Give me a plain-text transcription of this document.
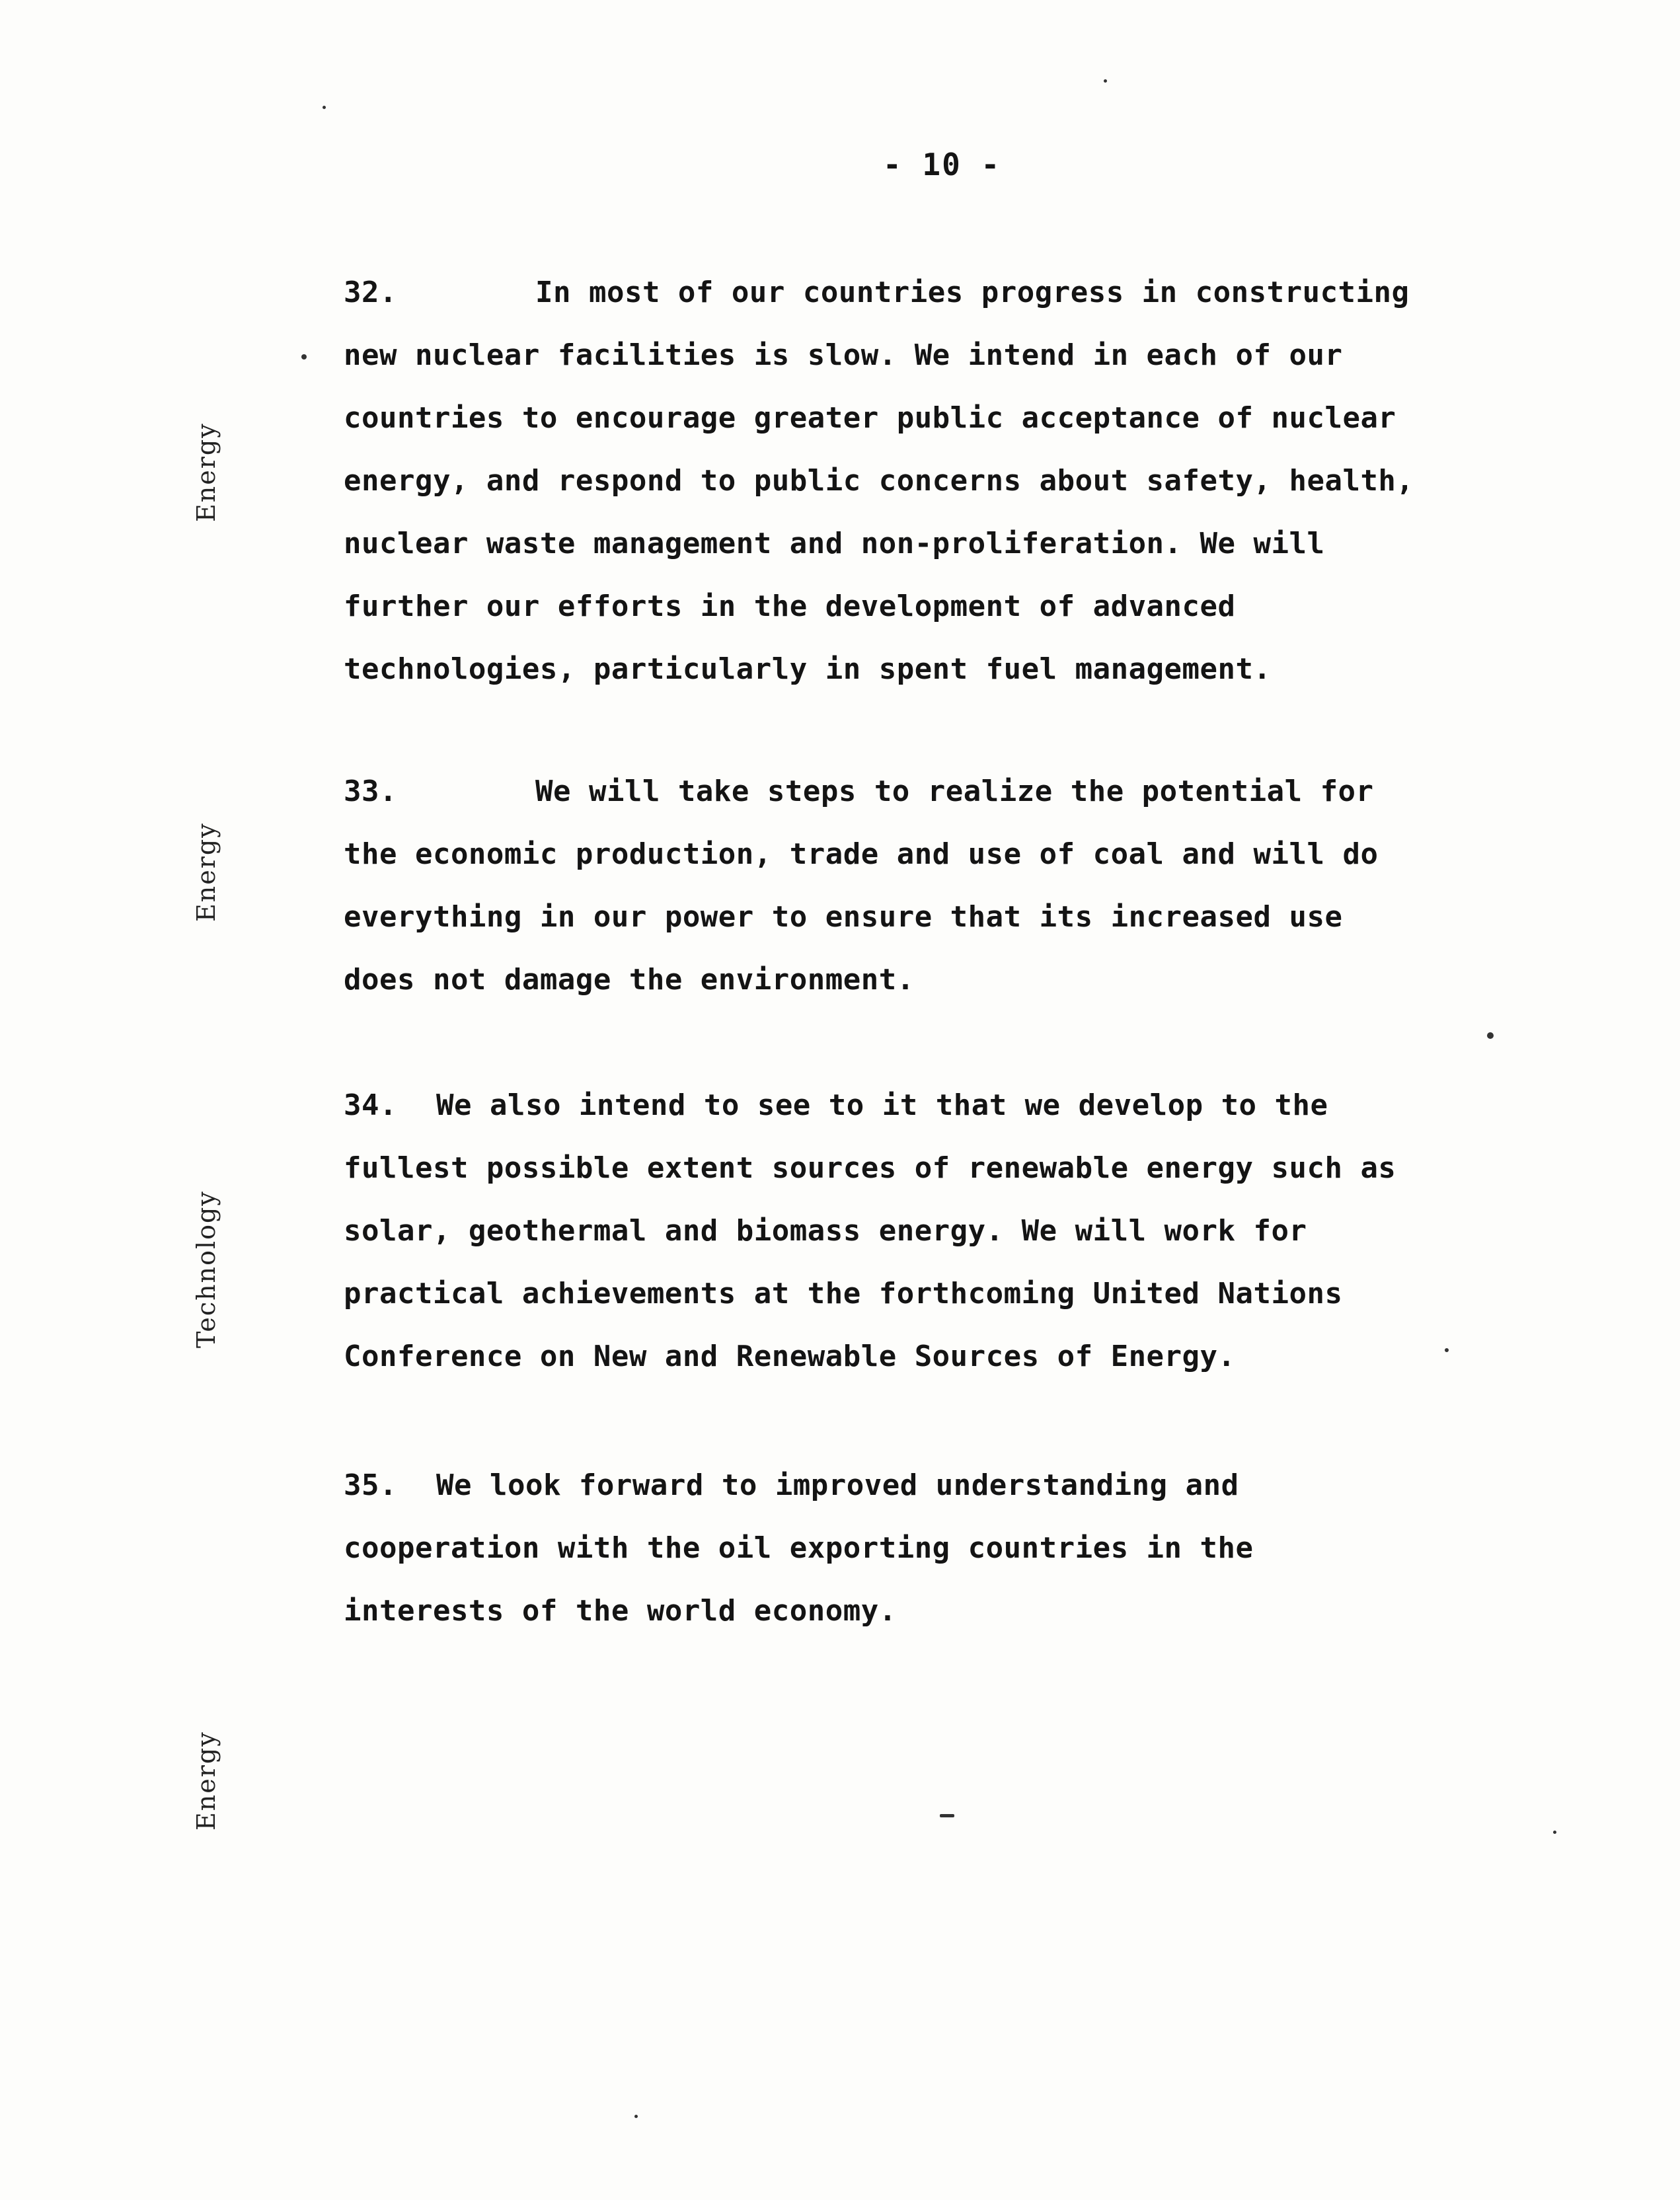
- 10 -
Energy
Energy
Technology
Energy
32.	In most of our countries progress in constructing
new nuclear facilities is slow. We intend in each of our
countries to encourage greater public acceptance of nuclear
energy, and respond to public concerns about safety, health,
nuclear waste management and non-proliferation. We will
further our efforts in the development of advanced
technologies, particularly in spent fuel management.
33.	We will take steps to realize the potential for
the economic production, trade and use of coal and will do
everything in our power to ensure that its increased use
does not damage the environment.
34. We also intend to see to it that we develop to the
fullest possible extent sources of renewable energy such as
solar, geothermal and biomass energy. We will work for
practical achievements at the forthcoming United Nations
Conference on New and Renewable Sources of Energy.
35. We look forward to improved understanding and
cooperation with the oil exporting countries in the
interests of the world economy.
